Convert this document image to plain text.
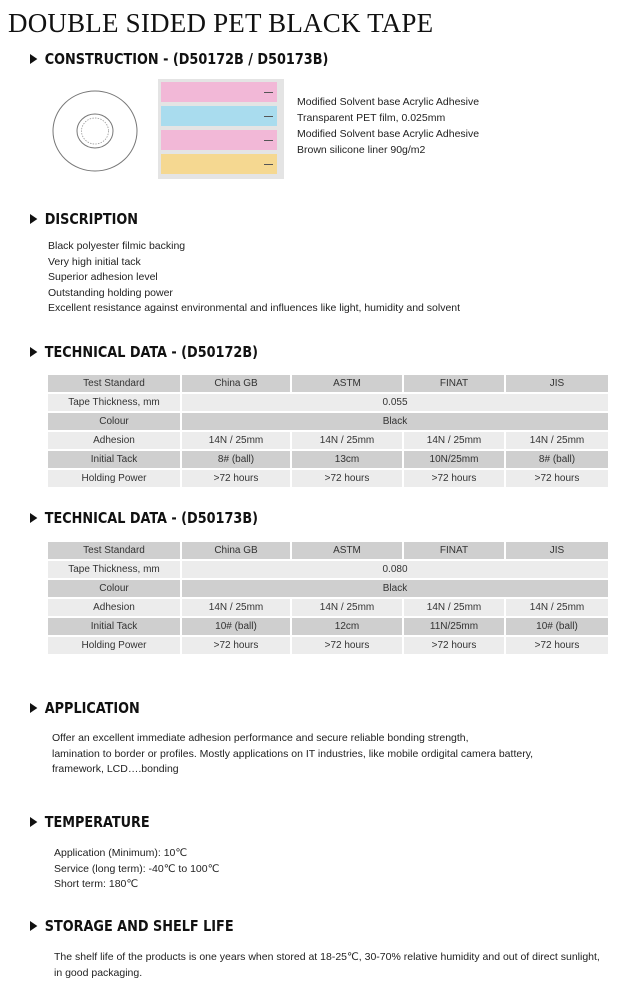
DOUBLE SIDED PET BLACK TAPE
CONSTRUCTION - (D50172B / D50173B)
Modified Solvent base Acrylic Adhesive
Transparent PET film, 0.025mm
Modified Solvent base Acrylic Adhesive
Brown silicone liner 90g/m2
DISCRIPTION
Black polyester filmic backing
Very high initial tack
Superior adhesion level
Outstanding holding power
Excellent resistance against environmental and influences like light, humidity and solvent
TECHNICAL DATA - (D50172B)
Test Standard	China GB	ASTM	FINAT	JIS
Tape Thickness, mm	0.055			
Colour	Black			
Adhesion	14N / 25mm	14N / 25mm	14N / 25mm	14N / 25mm
Initial Tack	8# (ball)	13cm	10N/25mm	8# (ball)
Holding Power	>72 hours	>72 hours	>72 hours	>72 hours
TECHNICAL DATA - (D50173B)
Test Standard	China GB	ASTM	FINAT	JIS
Tape Thickness, mm	0.080			
Colour	Black			
Adhesion	14N / 25mm	14N / 25mm	14N / 25mm	14N / 25mm
Initial Tack	10# (ball)	12cm	11N/25mm	10# (ball)
Holding Power	>72 hours	>72 hours	>72 hours	>72 hours
APPLICATION
Offer an excellent immediate adhesion performance and secure reliable bonding strength,
lamination to border or profiles. Mostly applications on IT industries, like mobile ordigital camera battery,
framework, LCD….bonding
TEMPERATURE
Application (Minimum): 10℃
Service (long term): -40℃ to 100℃
Short term: 180℃
STORAGE AND SHELF LIFE
The shelf life of the products is one years when stored at 18-25℃, 30-70% relative humidity and out of direct sunlight, in good packaging.
